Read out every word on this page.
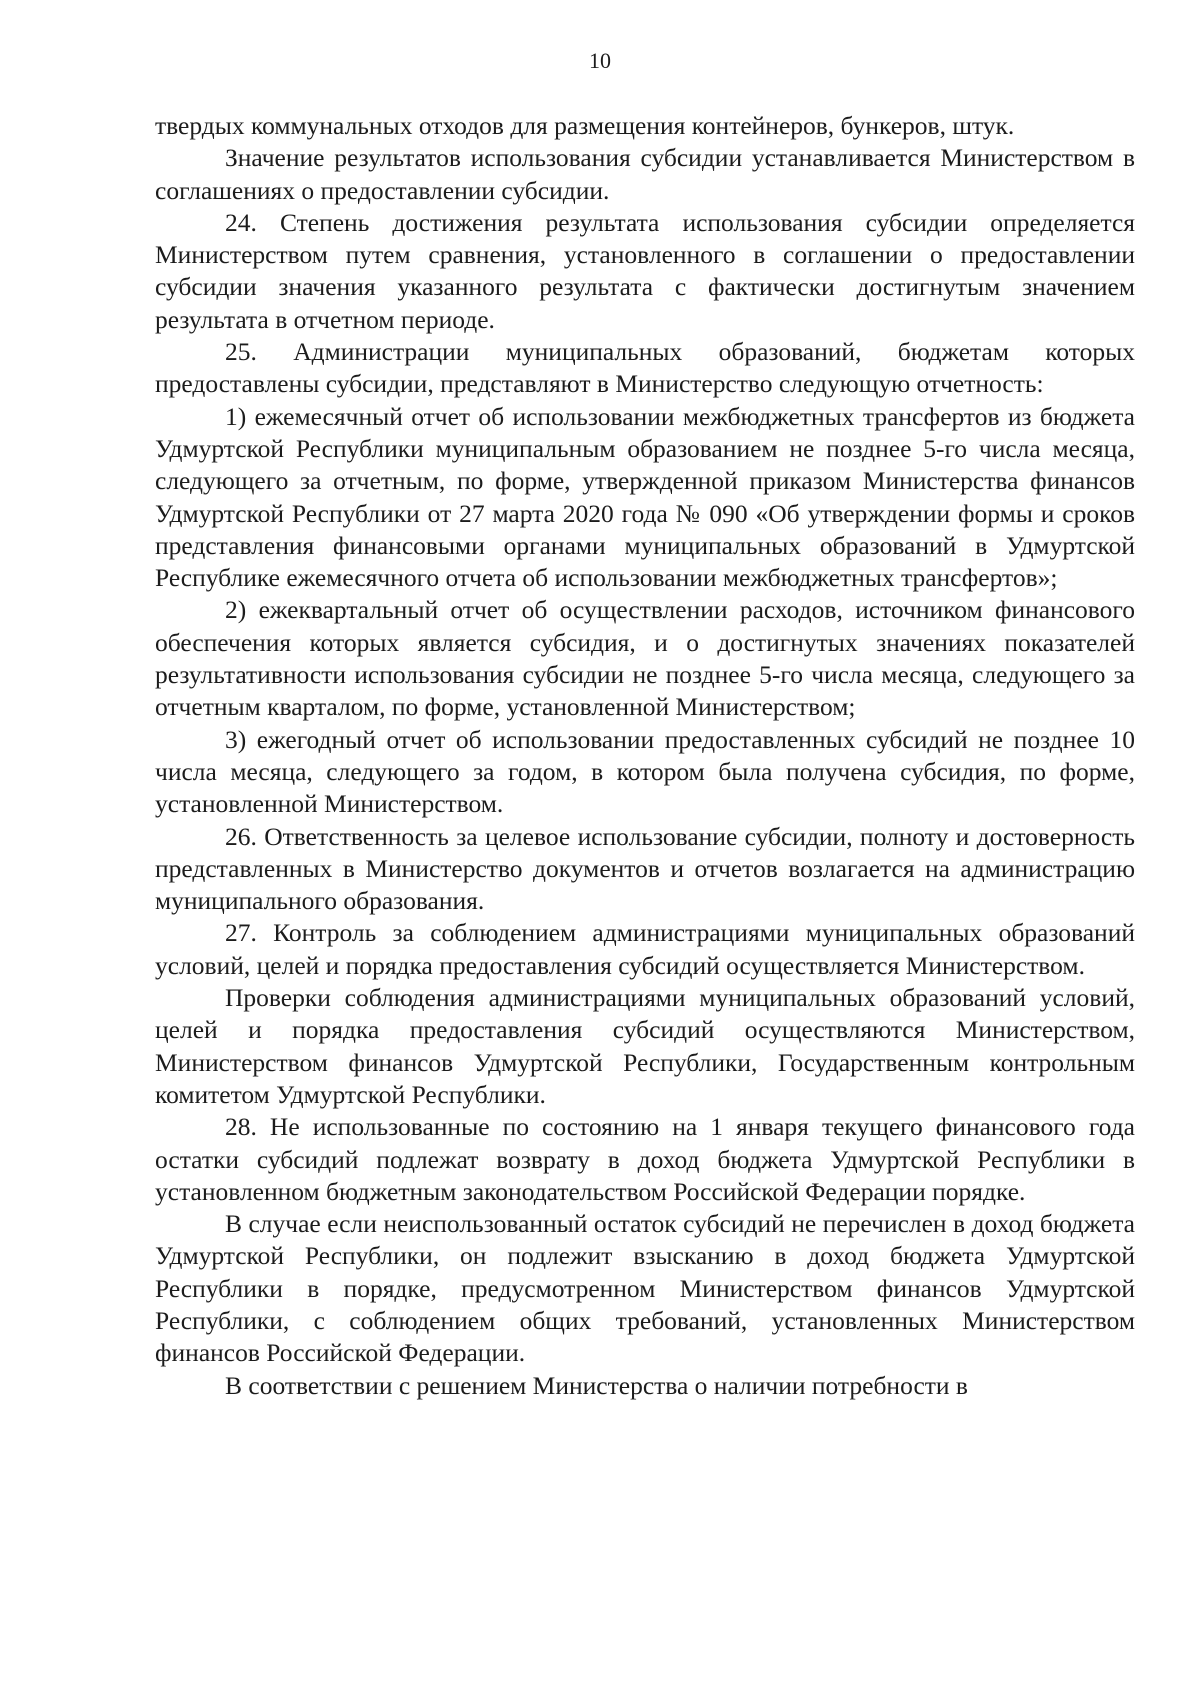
10

твердых коммунальных отходов для размещения контейнеров, бункеров, штук.

Значение результатов использования субсидии устанавливается Министерством в соглашениях о предоставлении субсидии.

24. Степень достижения результата использования субсидии определяется Министерством путем сравнения, установленного в соглашении о предоставлении субсидии значения указанного результата с фактически достигнутым значением результата в отчетном периоде.

25. Администрации муниципальных образований, бюджетам которых предоставлены субсидии, представляют в Министерство следующую отчетность:

1) ежемесячный отчет об использовании межбюджетных трансфертов из бюджета Удмуртской Республики муниципальным образованием не позднее 5-го числа месяца, следующего за отчетным, по форме, утвержденной приказом Министерства финансов Удмуртской Республики от 27 марта 2020 года № 090 «Об утверждении формы и сроков представления финансовыми органами муниципальных образований в Удмуртской Республике ежемесячного отчета об использовании межбюджетных трансфертов»;

2) ежеквартальный отчет об осуществлении расходов, источником финансового обеспечения которых является субсидия, и о достигнутых значениях показателей результативности использования субсидии не позднее 5-го числа месяца, следующего за отчетным кварталом, по форме, установленной Министерством;

3) ежегодный отчет об использовании предоставленных субсидий не позднее 10 числа месяца, следующего за годом, в котором была получена субсидия, по форме, установленной Министерством.

26. Ответственность за целевое использование субсидии, полноту и достоверность представленных в Министерство документов и отчетов возлагается на администрацию муниципального образования.

27. Контроль за соблюдением администрациями муниципальных образований условий, целей и порядка предоставления субсидий осуществляется Министерством.

Проверки соблюдения администрациями муниципальных образований условий, целей и порядка предоставления субсидий осуществляются Министерством, Министерством финансов Удмуртской Республики, Государственным контрольным комитетом Удмуртской Республики.

28. Не использованные по состоянию на 1 января текущего финансового года остатки субсидий подлежат возврату в доход бюджета Удмуртской Республики в установленном бюджетным законодательством Российской Федерации порядке.

В случае если неиспользованный остаток субсидий не перечислен в доход бюджета Удмуртской Республики, он подлежит взысканию в доход бюджета Удмуртской Республики в порядке, предусмотренном Министерством финансов Удмуртской Республики, с соблюдением общих требований, установленных Министерством финансов Российской Федерации.

В соответствии с решением Министерства о наличии потребности в
